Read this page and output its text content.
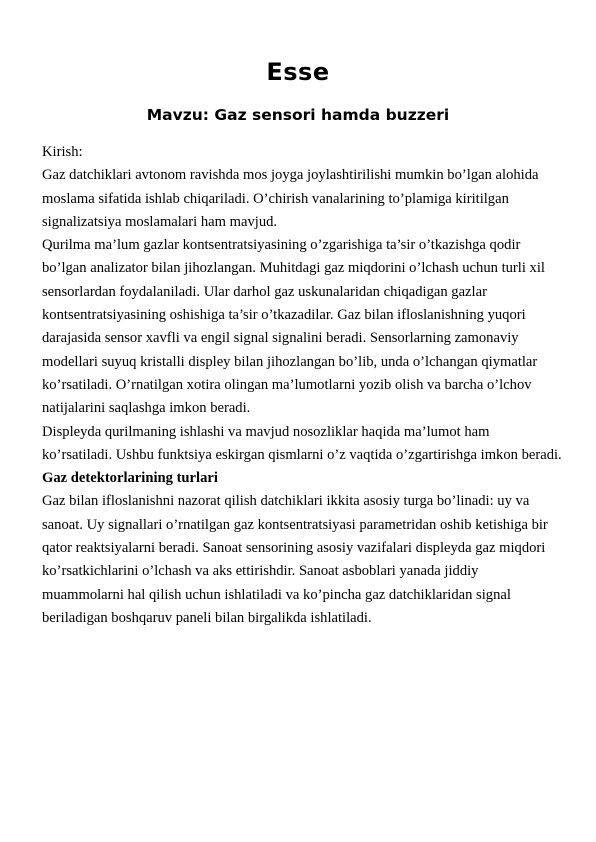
Esse
Mavzu: Gaz sensori hamda buzzeri

Kirish:

Gaz datchiklari avtonom ravishda mos joyga joylashtirilishi mumkin bo’lgan alohida moslama sifatida ishlab chiqariladi. O’chirish vanalarining to’plamiga kiritilgan signalizatsiya moslamalari ham mavjud.

Qurilma ma’lum gazlar kontsentratsiyasining o’zgarishiga ta’sir o’tkazishga qodir bo’lgan analizator bilan jihozlangan. Muhitdagi gaz miqdorini o’lchash uchun turli xil sensorlardan foydalaniladi. Ular darhol gaz uskunalaridan chiqadigan gazlar kontsentratsiyasining oshishiga ta’sir o’tkazadilar. Gaz bilan ifloslanishning yuqori darajasida sensor xavfli va engil signal signalini beradi. Sensorlarning zamonaviy modellari suyuq kristalli displey bilan jihozlangan bo’lib, unda o’lchangan qiymatlar ko’rsatiladi. O’rnatilgan xotira olingan ma’lumotlarni yozib olish va barcha o’lchov natijalarini saqlashga imkon beradi.

Displeyda qurilmaning ishlashi va mavjud nosozliklar haqida ma’lumot ham ko’rsatiladi. Ushbu funktsiya eskirgan qismlarni o’z vaqtida o’zgartirishga imkon beradi.

Gaz detektorlarining turlari

Gaz bilan ifloslanishni nazorat qilish datchiklari ikkita asosiy turga bo’linadi: uy va sanoat. Uy signallari o’rnatilgan gaz kontsentratsiyasi parametridan oshib ketishiga bir qator reaktsiyalarni beradi. Sanoat sensorining asosiy vazifalari displeyda gaz miqdori ko’rsatkichlarini o’lchash va aks ettirishdir. Sanoat asboblari yanada jiddiy muammolarni hal qilish uchun ishlatiladi va ko’pincha gaz datchiklaridan signal beriladigan boshqaruv paneli bilan birgalikda ishlatiladi.
